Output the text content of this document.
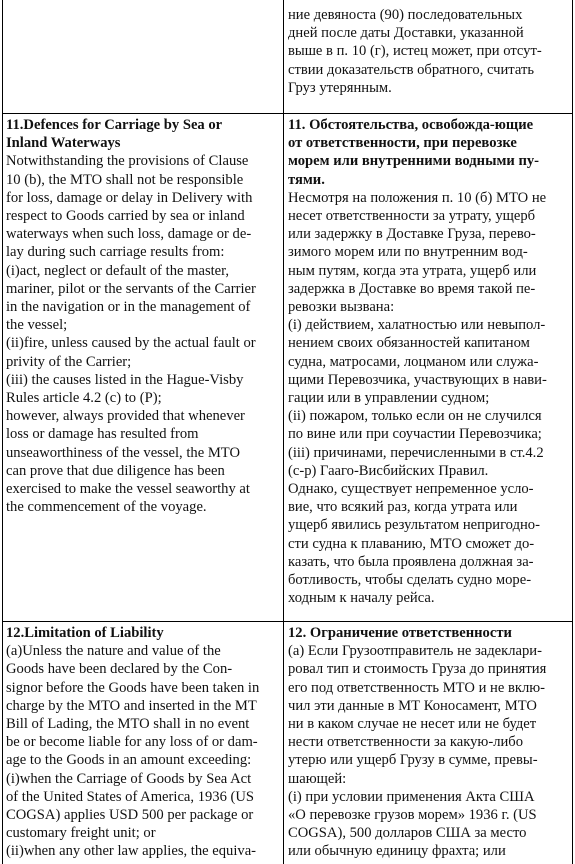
ние девяноста (90) последовательных
дней после даты Доставки, указанной
выше в п. 10 (г), истец может, при отсут-
ствии доказательств обратного, считать
Груз утерянным.
11.Defences for Carriage by Sea or
Inland Waterways
Notwithstanding the provisions of Clause
10 (b), the MTO shall not be responsible
for loss, damage or delay in Delivery with
respect to Goods carried by sea or inland
waterways when such loss, damage or de-
lay during such carriage results from:
(i)act, neglect or default of the master,
mariner, pilot or the servants of the Carrier
in the navigation or in the management of
the vessel;
(ii)fire, unless caused by the actual fault or
privity of the Carrier;
(iii) the causes listed in the Hague-Visby
Rules article 4.2 (c) to (P);
however, always provided that whenever
loss or damage has resulted from
unseaworthiness of the vessel, the MTO
can prove that due diligence has been
exercised to make the vessel seaworthy at
the commencement of the voyage.
11. Обстоятельства, освобожда-ющие
от ответственности, при перевозке
морем или внутренними водными пу-
тями.
Несмотря на положения п. 10 (б) МТО не
несет ответственности за утрату, ущерб
или задержку в Доставке Груза, перево-
зимого морем или по внутренним вод-
ным путям, когда эта утрата, ущерб или
задержка в Доставке во время такой пе-
ревозки вызвана:
(i) действием, халатностью или невыпол-
нением своих обязанностей капитаном
судна, матросами, лоцманом или служа-
щими Перевозчика, участвующих в нави-
гации или в управлении судном;
(ii) пожаром, только если он не случился
по вине или при соучастии Перевозчика;
(iii) причинами, перечисленными в ст.4.2
(c-p) Гааго-Висбийских Правил.
Однако, существует непременное усло-
вие, что всякий раз, когда утрата или
ущерб явились результатом непригодно-
сти судна к плаванию, МТО сможет до-
казать, что была проявлена должная за-
ботливость, чтобы сделать судно море-
ходным к началу рейса.
12.Limitation of Liability
(a)Unless the nature and value of the
Goods have been declared by the Con-
signor before the Goods have been taken in
charge by the MTO and inserted in the MT
Bill of Lading, the MTO shall in no event
be or become liable for any loss of or dam-
age to the Goods in an amount exceeding:
(i)when the Carriage of Goods by Sea Act
of the United States of America, 1936 (US
COGSA) applies USD 500 per package or
customary freight unit; or
(ii)when any other law applies, the equiva-
12. Ограничение ответственности
(а) Если Грузоотправитель не задеклари-
ровал тип и стоимость Груза до принятия
его под ответственность МТО и не вклю-
чил эти данные в МТ Коносамент, МТО
ни в каком случае не несет или не будет
нести ответственности за какую-либо
утерю или ущерб Грузу в сумме, превы-
шающей:
(i) при условии применения Акта США
«О перевозке грузов морем» 1936 г. (US
COGSA), 500 долларов США за место
или обычную единицу фрахта; или
